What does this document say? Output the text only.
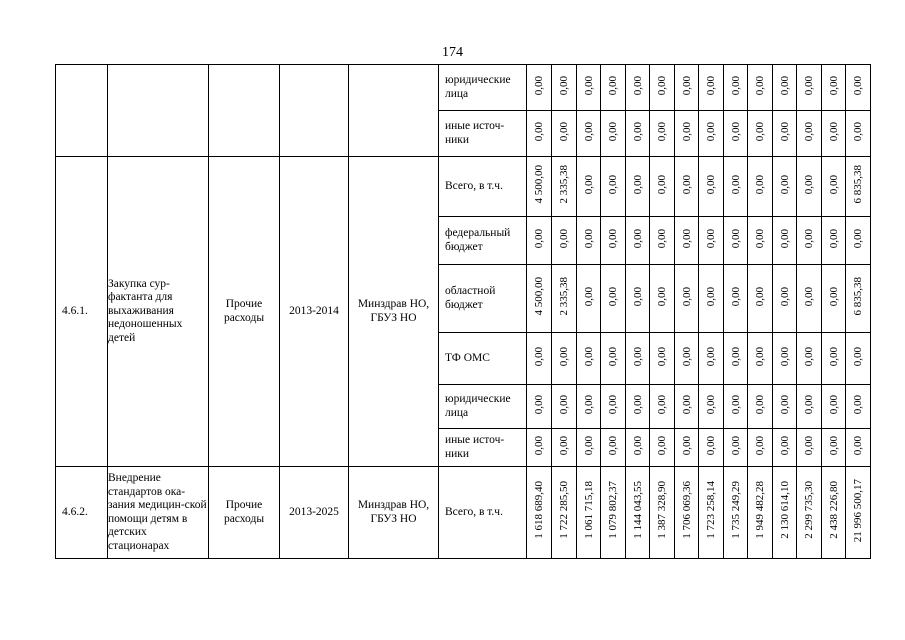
174
					юридические лица	0,00	0,00	0,00	0,00	0,00	0,00	0,00	0,00	0,00	0,00	0,00	0,00	0,00	0,00
					иные источ-ники	0,00	0,00	0,00	0,00	0,00	0,00	0,00	0,00	0,00	0,00	0,00	0,00	0,00	0,00
4.6.1.	Закупка сур-фактанта для выхаживания недоношенных детей	Прочие расходы	2013-2014	Минздрав НО, ГБУЗ НО	Всего, в т.ч.	4 500,00	2 335,38	0,00	0,00	0,00	0,00	0,00	0,00	0,00	0,00	0,00	0,00	0,00	6 835,38
					федеральный бюджет	0,00	0,00	0,00	0,00	0,00	0,00	0,00	0,00	0,00	0,00	0,00	0,00	0,00	0,00
					областной бюджет	4 500,00	2 335,38	0,00	0,00	0,00	0,00	0,00	0,00	0,00	0,00	0,00	0,00	0,00	6 835,38
					ТФ ОМС	0,00	0,00	0,00	0,00	0,00	0,00	0,00	0,00	0,00	0,00	0,00	0,00	0,00	0,00
					юридические лица	0,00	0,00	0,00	0,00	0,00	0,00	0,00	0,00	0,00	0,00	0,00	0,00	0,00	0,00
					иные источ-ники	0,00	0,00	0,00	0,00	0,00	0,00	0,00	0,00	0,00	0,00	0,00	0,00	0,00	0,00
4.6.2.	Внедрение стандартов ока-зания медицин-ской помощи детям в детских стационарах	Прочие расходы	2013-2025	Минздрав НО, ГБУЗ НО	Всего, в т.ч.	1 618 689,40	1 722 285,50	1 061 715,18	1 079 802,37	1 144 043,55	1 387 328,90	1 706 069,36	1 723 258,14	1 735 249,29	1 949 482,28	2 130 614,10	2 299 735,30	2 438 226,80	21 996 500,17
